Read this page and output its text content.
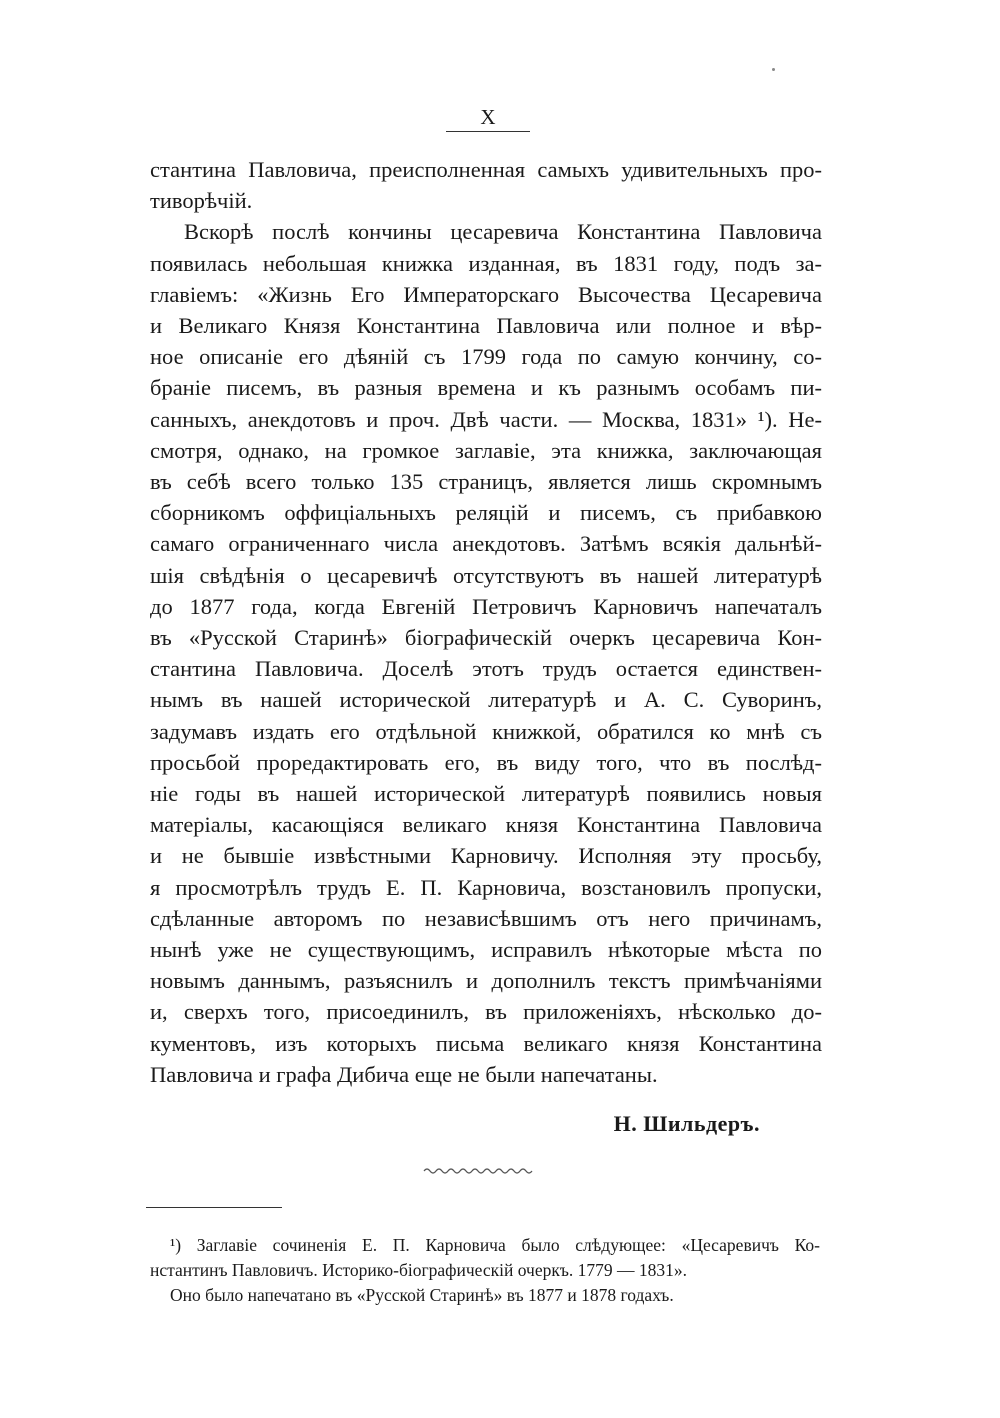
X

стантина Павловича, преисполненная самыхъ удивительныхъ про-

тиворѣчій.

Вскорѣ послѣ кончины цесаревича Константина Павловича

появилась небольшая книжка изданная, въ 1831 году, подъ за-

главіемъ: «Жизнь Его Императорскаго Высочества Цесаревича

и Великаго Князя Константина Павловича или полное и вѣр-

ное описаніе его дѣяній съ 1799 года по самую кончину, со-

браніе писемъ, въ разныя времена и къ разнымъ особамъ пи-

санныхъ, анекдотовъ и проч. Двѣ части. — Москва, 1831» ¹). Не-

смотря, однако, на громкое заглавіе, эта книжка, заключающая

въ себѣ всего только 135 страницъ, является лишь скромнымъ

сборникомъ оффиціальныхъ реляцій и писемъ, съ прибавкою

самаго ограниченнаго числа анекдотовъ. Затѣмъ всякія дальнѣй-

шія свѣдѣнія о цесаревичѣ отсутствуютъ въ нашей литературѣ

до 1877 года, когда Евгеній Петровичъ Карновичъ напечаталъ

въ «Русской Старинѣ» біографическій очеркъ цесаревича Кон-

стантина Павловича. Доселѣ этотъ трудъ остается единствен-

нымъ въ нашей исторической литературѣ и А. С. Суворинъ,

задумавъ издать его отдѣльной книжкой, обратился ко мнѣ съ

просьбой проредактировать его, въ виду того, что въ послѣд-

ніе годы въ нашей исторической литературѣ появились новыя

матеріалы, касающіяся великаго князя Константина Павловича

и не бывшіе извѣстными Карновичу. Исполняя эту просьбу,

я просмотрѣлъ трудъ Е. П. Карновича, возстановилъ пропуски,

сдѣланные авторомъ по независѣвшимъ отъ него причинамъ,

нынѣ уже не существующимъ, исправилъ нѣкоторые мѣста по

новымъ даннымъ, разъяснилъ и дополнилъ текстъ примѣчаніями

и, сверхъ того, присоединилъ, въ приложеніяхъ, нѣсколько до-

кументовъ, изъ которыхъ письма великаго князя Константина

Павловича и графа Дибича еще не были напечатаны.

Н. Шильдеръ.

¹) Заглавіе сочиненія Е. П. Карновича было слѣдующее: «Цесаревичъ Ко-

нстантинъ Павловичъ. Историко-біографическій очеркъ. 1779 — 1831».

Оно было напечатано въ «Русской Старинѣ» въ 1877 и 1878 годахъ.
